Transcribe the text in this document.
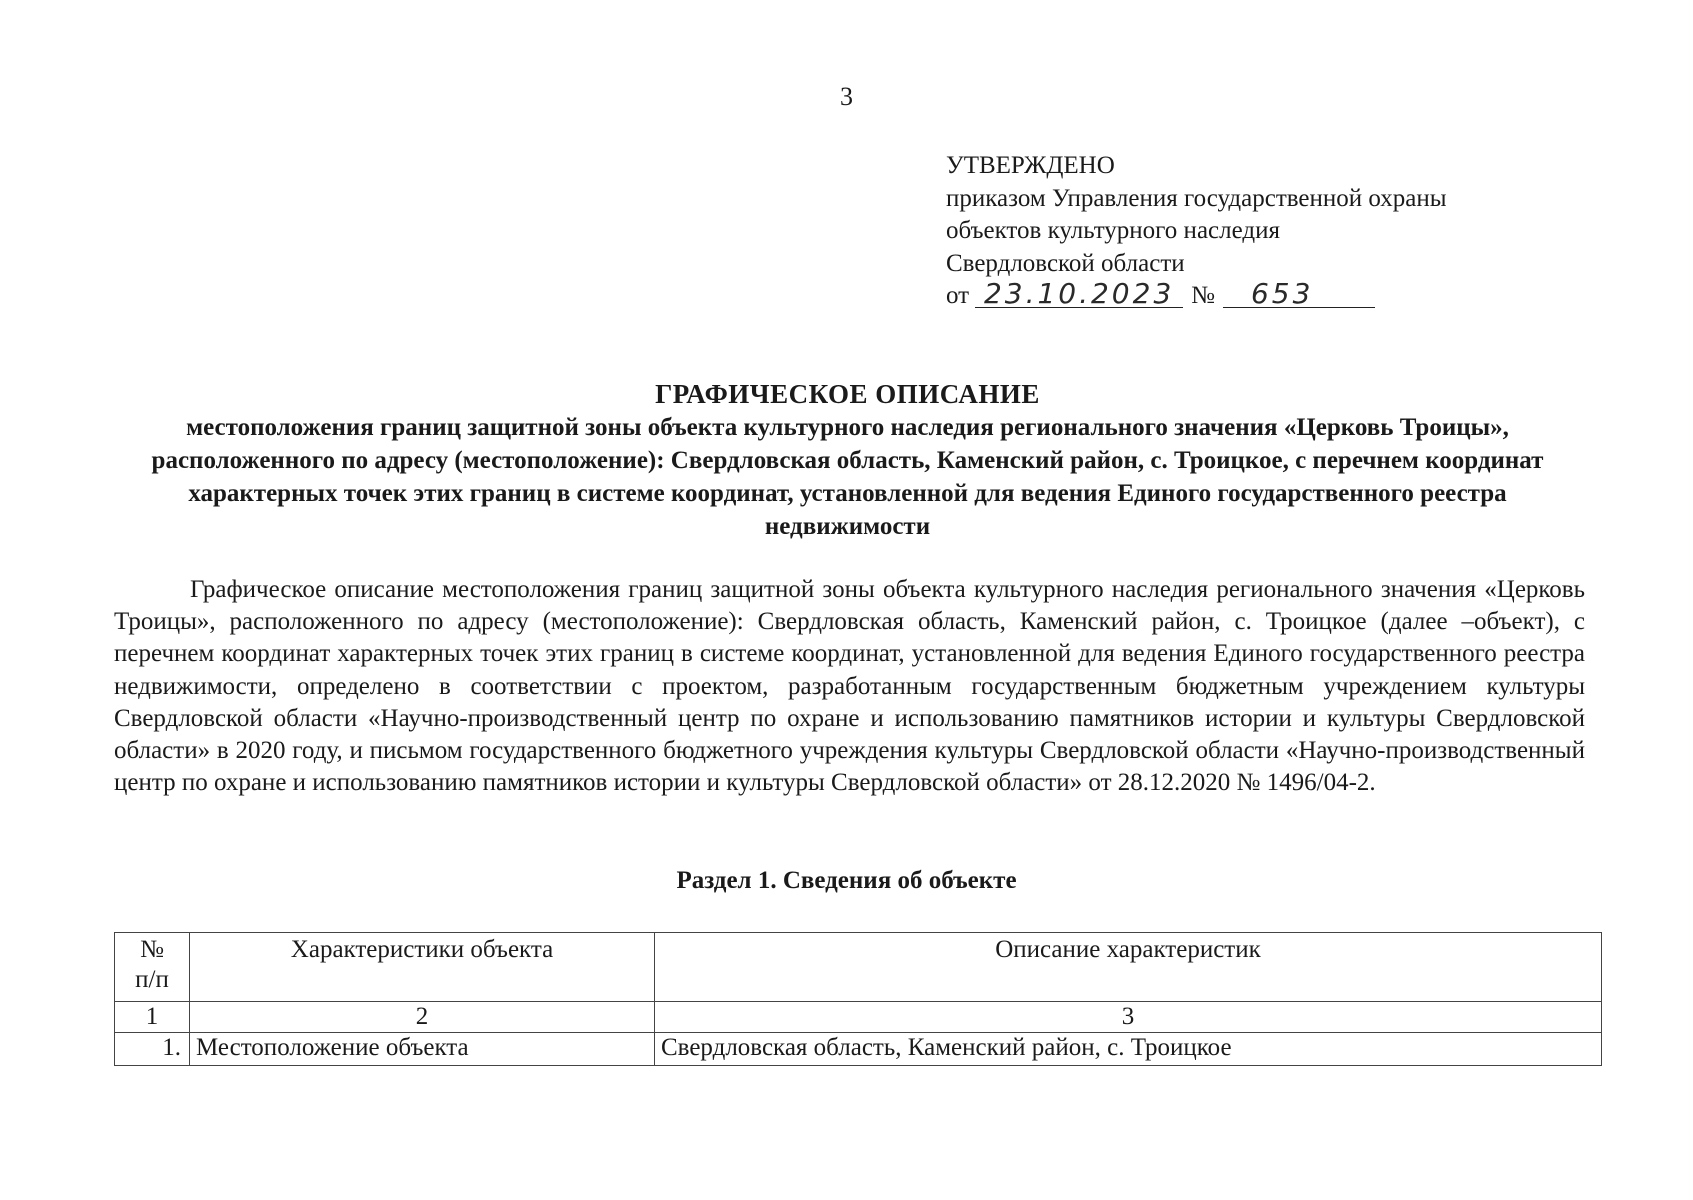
3
УТВЕРЖДЕНО
приказом Управления государственной охраны
объектов культурного наследия
Свердловской области
от 23.10.2023 № 653
ГРАФИЧЕСКОЕ ОПИСАНИЕ
местоположения границ защитной зоны объекта культурного наследия регионального значения «Церковь Троицы», расположенного по адресу (местоположение): Свердловская область, Каменский район, с. Троицкое, с перечнем координат характерных точек этих границ в системе координат, установленной для ведения Единого государственного реестра недвижимости

Графическое описание местоположения границ защитной зоны объекта культурного наследия регионального значения «Церковь Троицы», расположенного по адресу (местоположение): Свердловская область, Каменский район, с. Троицкое (далее –объект), с перечнем координат характерных точек этих границ в системе координат, установленной для ведения Единого государственного реестра недвижимости, определено в соответствии с проектом, разработанным государственным бюджетным учреждением культуры Свердловской области «Научно-производственный центр по охране и использованию памятников истории и культуры Свердловской области» в 2020 году, и письмом государственного бюджетного учреждения культуры Свердловской области «Научно-производственный центр по охране и использованию памятников истории и культуры Свердловской области» от 28.12.2020 № 1496/04-2.

Раздел 1. Сведения об объекте
№
п/п	Характеристики объекта	Описание характеристик
1	2	3
1.	Местоположение объекта	Свердловская область, Каменский район, с. Троицкое
